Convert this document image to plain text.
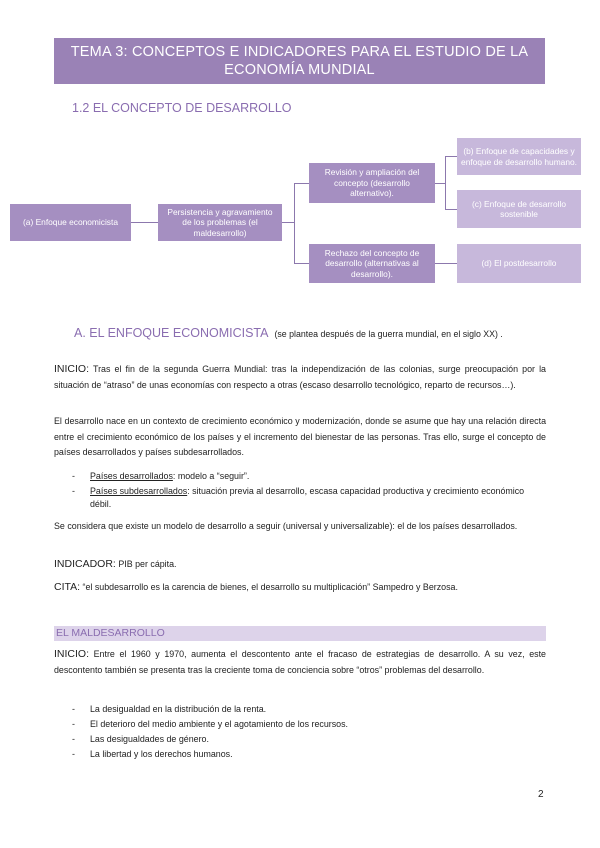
TEMA 3: CONCEPTOS E INDICADORES PARA EL ESTUDIO DE LA
ECONOMÍA MUNDIAL
1.2 EL CONCEPTO DE DESARROLLO
(a) Enfoque economicista
Persistencia y agravamiento de los problemas (el maldesarrollo)
Revisión y ampliación del concepto (desarrollo alternativo).
Rechazo del concepto de desarrollo (alternativas al desarrollo).
(b) Enfoque de capacidades y enfoque de desarrollo humano.
(c) Enfoque de desarrollo sostenible
(d) El postdesarrollo
A. EL ENFOQUE ECONOMICISTA (se plantea después de la guerra mundial, en el siglo XX) .
INICIO: Tras el fin de la segunda Guerra Mundial: tras la independización de las colonias, surge preocupación por la situación de “atraso” de unas economías con respecto a otras (escaso desarrollo tecnológico, reparto de recursos…).
El desarrollo nace en un contexto de crecimiento económico y modernización, donde se asume que hay una relación directa entre el crecimiento económico de los países y el incremento del bienestar de las personas. Tras ello, surge el concepto de países desarrollados y países subdesarrollados.
- Países desarrollados: modelo a “seguir”.
- Países subdesarrollados: situación previa al desarrollo, escasa capacidad productiva y crecimiento económico débil.
Se considera que existe un modelo de desarrollo a seguir (universal y universalizable): el de los países desarrollados.
INDICADOR: PIB per cápita.
CITA: “el subdesarrollo es la carencia de bienes, el desarrollo su multiplicación” Sampedro y Berzosa.
EL MALDESARROLLO
INICIO: Entre el 1960 y 1970, aumenta el descontento ante el fracaso de estrategias de desarrollo. A su vez, este descontento también se presenta tras la creciente toma de conciencia sobre “otros” problemas del desarrollo.
- La desigualdad en la distribución de la renta.
- El deterioro del medio ambiente y el agotamiento de los recursos.
- Las desigualdades de género.
- La libertad y los derechos humanos.
2
